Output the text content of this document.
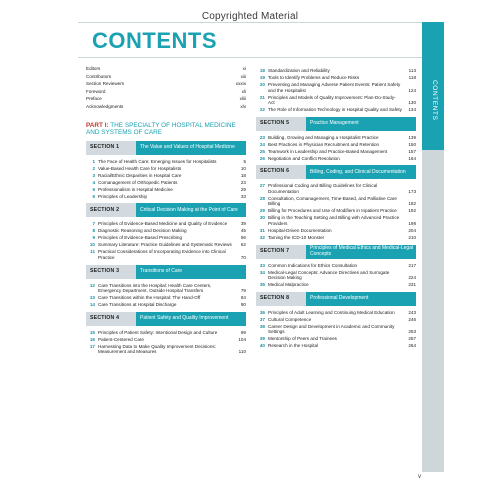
Copyrighted Material
CONTENTS
Editors	xi
Contributors	xiii
Section Reviewers	xxxix
Foreword	xli
Preface	xliii
Acknowledgments	xlv
PART I: THE SPECIALTY OF HOSPITAL MEDICINE AND SYSTEMS OF CARE
SECTION 1	The Value and Values of Hospital Medicine
1 The Face of Health Care: Emerging Issues for Hospitalists	5
2 Value-Based Health Care for Hospitalists	10
3 Racial/Ethnic Disparities in Hospital Care	18
4 Comanagement of Orthopedic Patients	23
5 Professionalism in Hospital Medicine	29
6 Principles of Leadership	33
SECTION 2	Critical Decision Making at the Point of Care
7 Principles of Evidence-Based Medicine and Quality of Evidence	39
8 Diagnostic Reasoning and Decision Making	45
9 Principles of Evidence-Based Prescribing	56
10 Summary Literature: Practice Guidelines and Systematic Reviews	62
11 Practical Considerations of Incorporating Evidence into Clinical Practice	70
SECTION 3	Transitions of Care
12 Care Transitions into the Hospital: Health Care Centers, Emergency Department, Outside Hospital Transfers	79
13 Care Transitions within the Hospital: The Hand-Off	84
14 Care Transitions at Hospital Discharge	90
SECTION 4	Patient Safety and Quality Improvement
15 Principles of Patient Safety: Intentional Design and Culture	99
16 Patient-Centered Care	104
17 Harnessing Data to Make Quality Improvement Decisions: Measurement and Measures	110
18 Standardization and Reliability	113
19 Tools to Identify Problems and Reduce Risks	118
20 Preventing and Managing Adverse Patient Events: Patient Safety and the Hospitalist	124
21 Principles and Models of Quality Improvement: Plan-Do-Study-Act	130
22 The Role of Information Technology in Hospital Quality and Safety	134
SECTION 5	Practice Management
23 Building, Growing and Managing a Hospitalist Practice	139
24 Best Practices in Physician Recruitment and Retention	150
25 Teamwork in Leadership and Practice-Based Management	157
26 Negotiation and Conflict Resolution	164
SECTION 6	Billing, Coding, and Clinical Documentation
27 Professional Coding and Billing Guidelines for Clinical Documentation	173
28 Consultation, Comanagement, Time-Based, and Palliative Care Billing	182
29 Billing for Procedures and Use of Modifiers in Inpatient Practice	192
30 Billing in the Teaching Setting and Billing with Advanced Practice Providers	198
31 Hospital-Driven Documentation	204
32 Taming the ICD-10 Monster	210
SECTION 7	Principles of Medical Ethics and Medical-Legal Concepts
33 Common Indications for Ethics Consultation	217
34 Medical-Legal Concepts: Advance Directives and Surrogate Decision Making	224
35 Medical Malpractice	231
SECTION 8	Professional Development
36 Principles of Adult Learning and Continuing Medical Education	243
37 Cultural Competence	246
38 Career Design and Development in Academic and Community Settings	253
39 Mentorship of Peers and Trainees	257
40 Research in the Hospital	264
CONTENTS
v
